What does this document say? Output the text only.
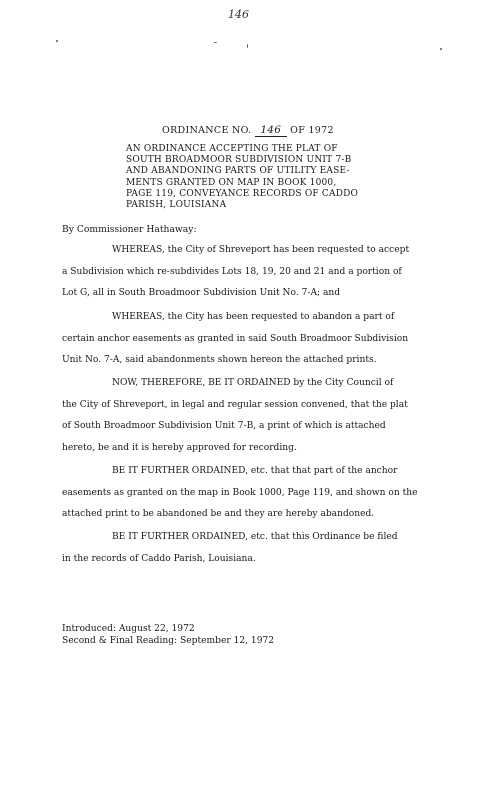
146
ORDINANCE NO. 146 OF 1972
AN ORDINANCE ACCEPTING THE PLAT OF
SOUTH BROADMOOR SUBDIVISION UNIT 7-B
AND ABANDONING PARTS OF UTILITY EASE-
MENTS GRANTED ON MAP IN BOOK 1000,
PAGE 119, CONVEYANCE RECORDS OF CADDO
PARISH, LOUISIANA
By Commissioner Hathaway:
WHEREAS, the City of Shreveport has been requested to accept
a Subdivision which re-subdivides Lots 18, 19, 20 and 21 and a portion of
Lot G, all in South Broadmoor Subdivision Unit No. 7-A; and
WHEREAS, the City has been requested to abandon a part of
certain anchor easements as granted in said South Broadmoor Subdivision
Unit No. 7-A, said abandonments shown hereon the attached prints.
NOW, THEREFORE, BE IT ORDAINED by the City Council of
the City of Shreveport, in legal and regular session convened, that the plat
of South Broadmoor Subdivision Unit 7-B, a print of which is attached
hereto, be and it is hereby approved for recording.
BE IT FURTHER ORDAINED, etc. that that part of the anchor
easements as granted on the map in Book 1000, Page 119, and shown on the
attached print to be abandoned be and they are hereby abandoned.
BE IT FURTHER ORDAINED, etc. that this Ordinance be filed
in the records of Caddo Parish, Louisiana.
Introduced: August 22, 1972
Second & Final Reading: September 12, 1972
